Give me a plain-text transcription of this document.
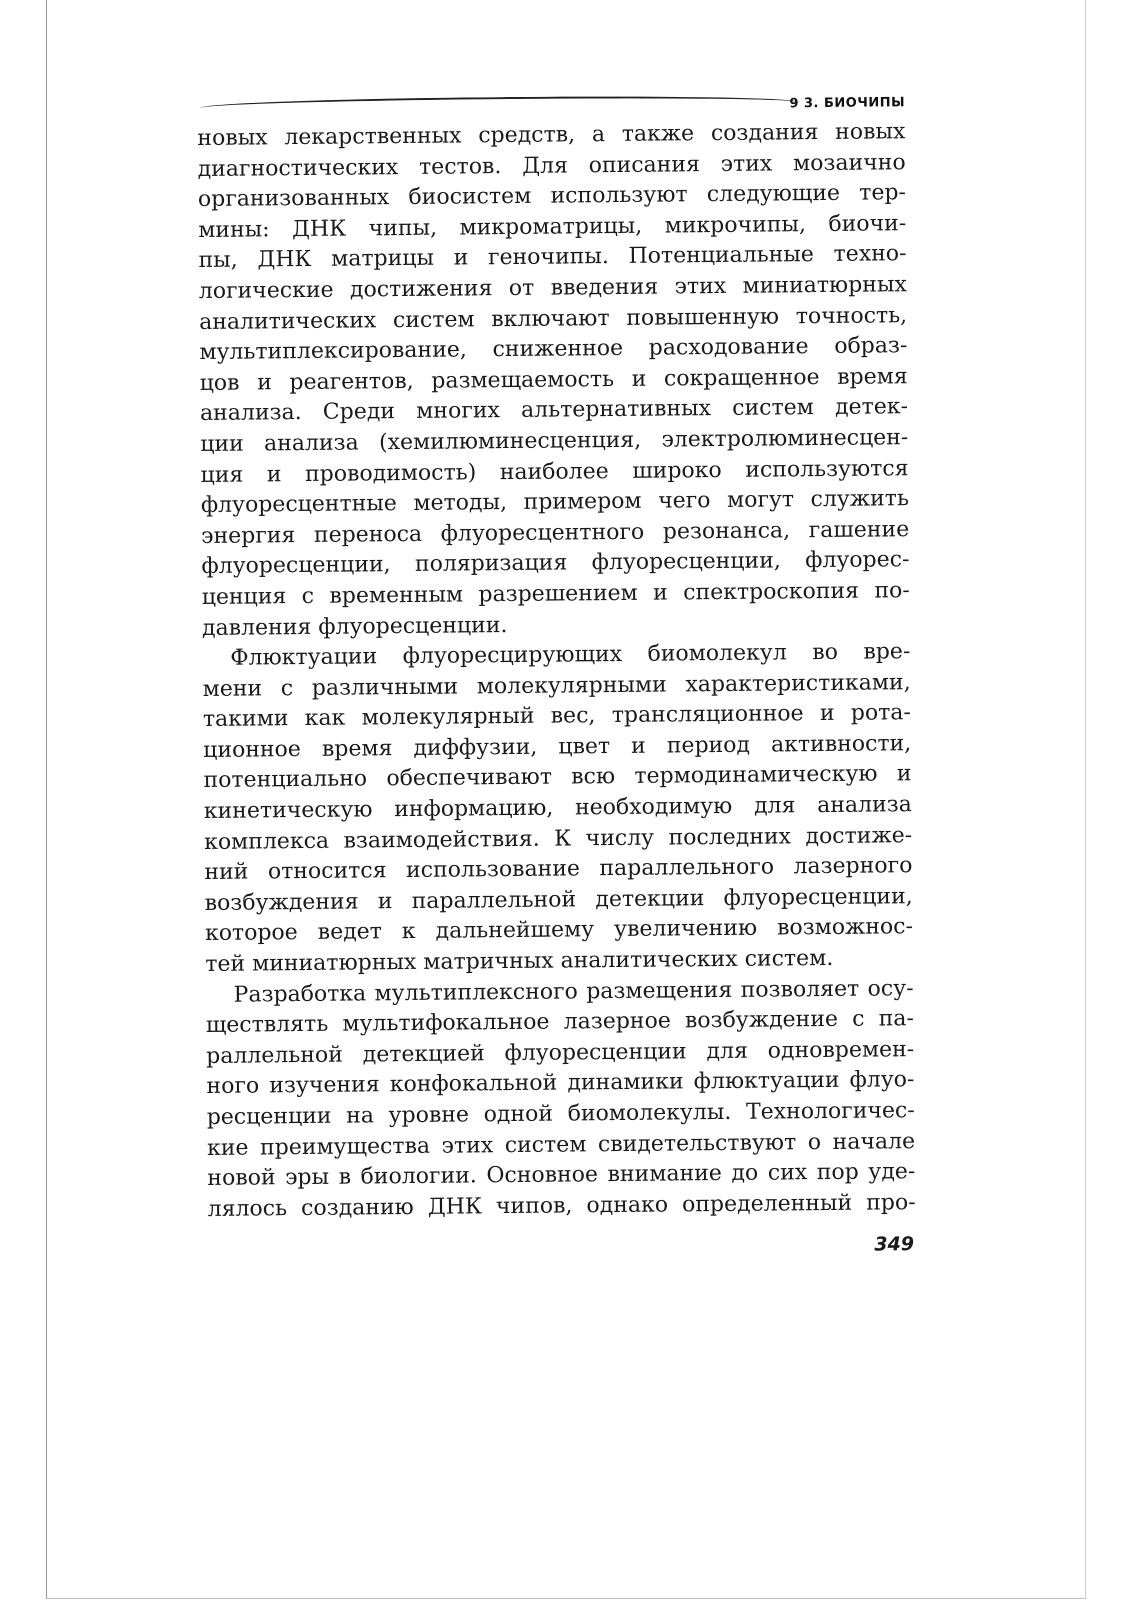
9 3. БИОЧИПЫ
новых лекарственных средств, а также создания новых
диагностических тестов. Для описания этих мозаично
организованных биосистем используют следующие тер-
мины: ДНК чипы, микроматрицы, микрочипы, биочи-
пы, ДНК матрицы и геночипы. Потенциальные техно-
логические достижения от введения этих миниатюрных
аналитических систем включают повышенную точность,
мультиплексирование, сниженное расходование образ-
цов и реагентов, размещаемость и сокращенное время
анализа. Среди многих альтернативных систем детек-
ции анализа (хемилюминесценция, электролюминесцен-
ция и проводимость) наиболее широко используются
флуоресцентные методы, примером чего могут служить
энергия переноса флуоресцентного резонанса, гашение
флуоресценции, поляризация флуоресценции, флуорес-
ценция с временным разрешением и спектроскопия по-
давления флуоресценции.
Флюктуации флуоресцирующих биомолекул во вре-
мени с различными молекулярными характеристиками,
такими как молекулярный вес, трансляционное и рота-
ционное время диффузии, цвет и период активности,
потенциально обеспечивают всю термодинамическую и
кинетическую информацию, необходимую для анализа
комплекса взаимодействия. К числу последних достиже-
ний относится использование параллельного лазерного
возбуждения и параллельной детекции флуоресценции,
которое ведет к дальнейшему увеличению возможнос-
тей миниатюрных матричных аналитических систем.
Разработка мультиплексного размещения позволяет осу-
ществлять мультифокальное лазерное возбуждение с па-
раллельной детекцией флуоресценции для одновремен-
ного изучения конфокальной динамики флюктуации флуо-
ресценции на уровне одной биомолекулы. Технологичес-
кие преимущества этих систем свидетельствуют о начале
новой эры в биологии. Основное внимание до сих пор уде-
лялось созданию ДНК чипов, однако определенный про-
349
